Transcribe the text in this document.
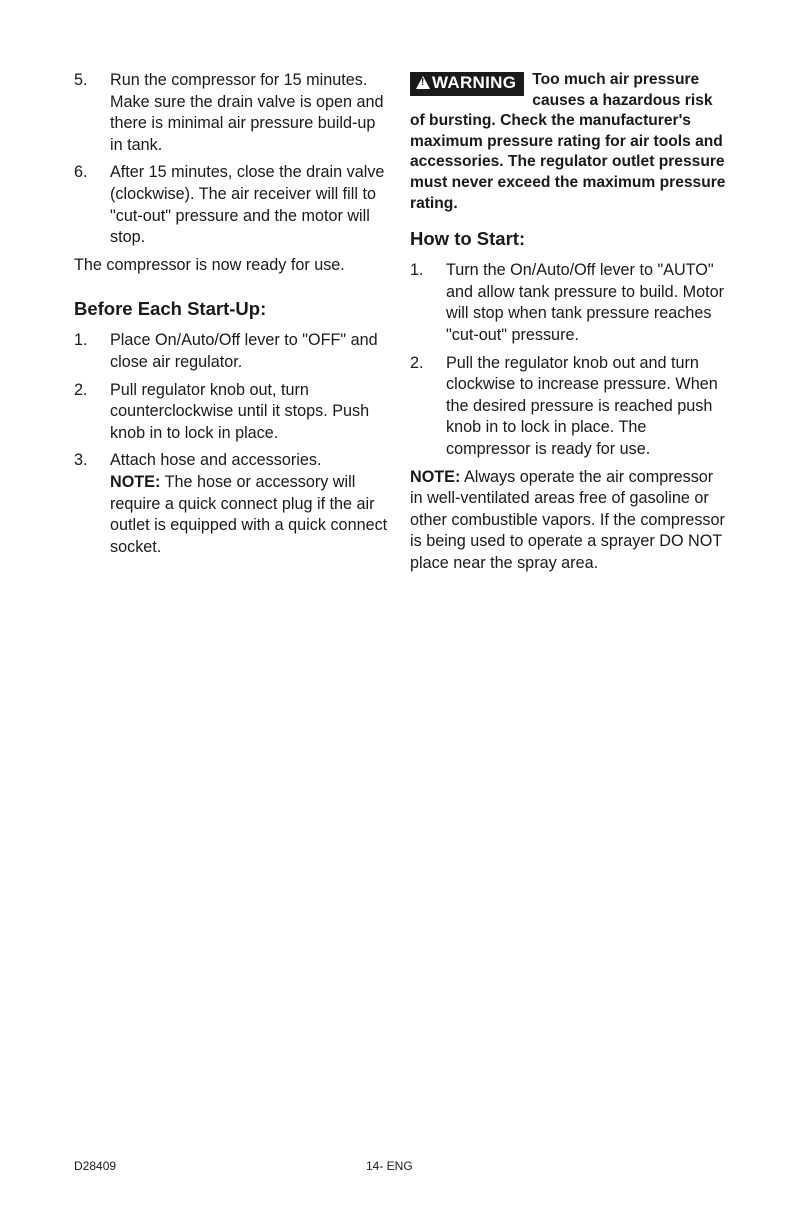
5. Run the compressor for 15 minutes. Make sure the drain valve is open and there is minimal air pressure build-up in tank.
6. After 15 minutes, close the drain valve (clockwise). The air receiver will fill to "cut-out" pressure and the motor will stop.

The compressor is now ready for use.

Before Each Start-Up:
1. Place On/Auto/Off lever to "OFF" and close air regulator.
2. Pull regulator knob out, turn counterclockwise until it stops. Push knob in to lock in place.
3. Attach hose and accessories.
NOTE: The hose or accessory will require a quick connect plug if the air outlet is equipped with a quick connect socket.
!WARNING	Too much air pressure causes a hazardous risk of bursting. Check the manufacturer's maximum pressure rating for air tools and accessories. The regulator outlet pressure must never exceed the maximum pressure rating.
How to Start:
1. Turn the On/Auto/Off lever to "AUTO" and allow tank pressure to build. Motor will stop when tank pressure reaches "cut-out" pressure.
2. Pull the regulator knob out and turn clockwise to increase pressure. When the desired pressure is reached push knob in to lock in place. The compressor is ready for use.

NOTE: Always operate the air compressor in well-ventilated areas free of gasoline or other combustible vapors. If the compressor is being used to operate a sprayer DO NOT place near the spray area.

D28409	14- ENG
